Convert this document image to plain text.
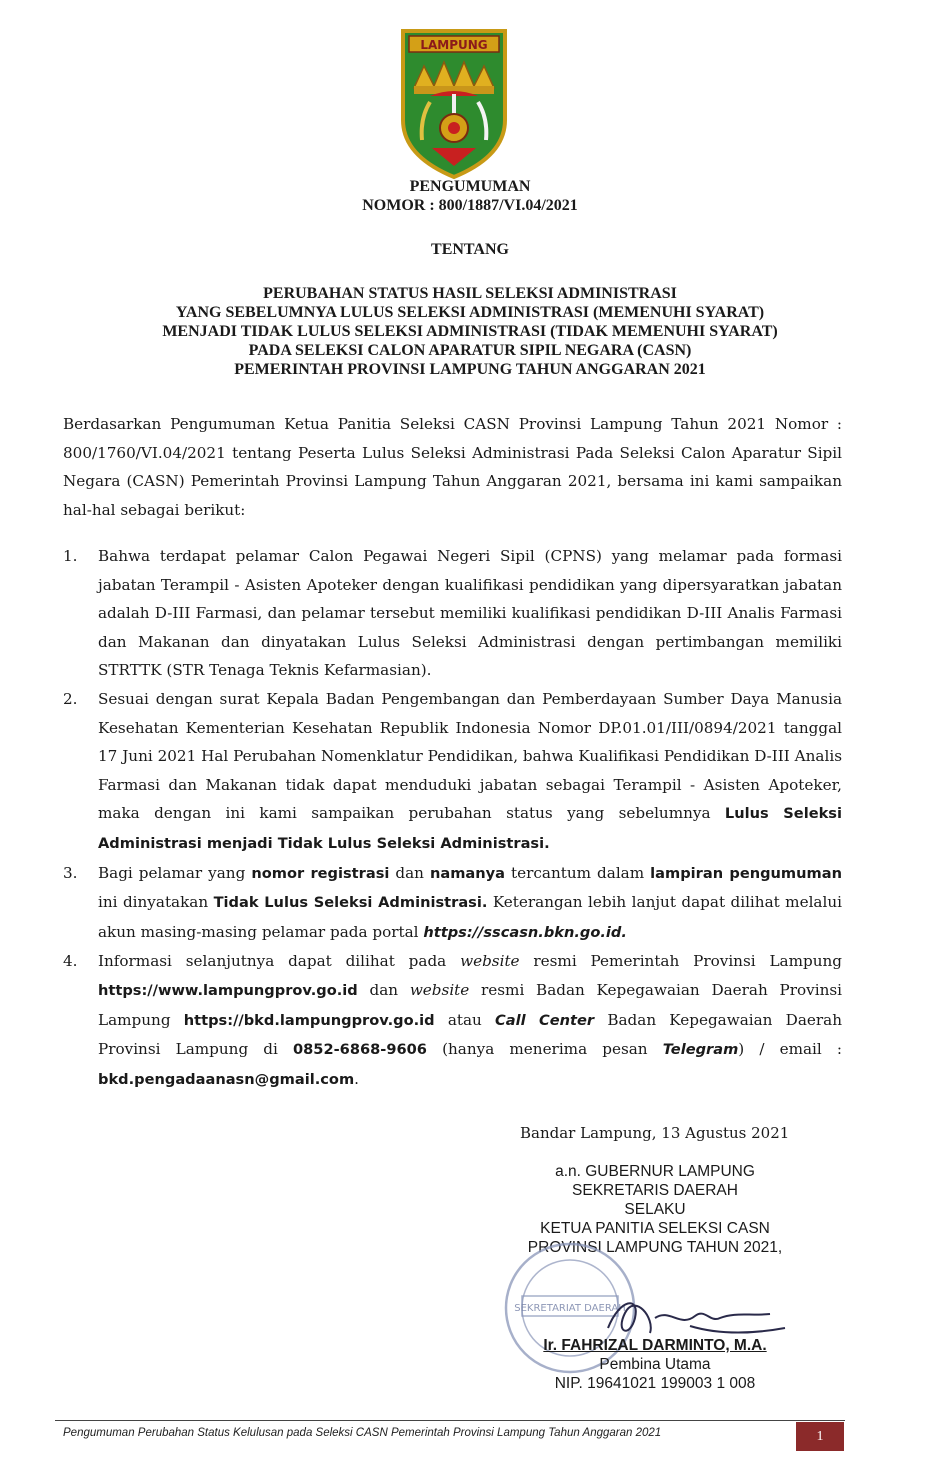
LAMPUNG
PENGUMUMAN
NOMOR : 800/1887/VI.04/2021
TENTANG
PERUBAHAN STATUS HASIL SELEKSI ADMINISTRASI
YANG SEBELUMNYA LULUS SELEKSI ADMINISTRASI (MEMENUHI SYARAT)
MENJADI TIDAK LULUS SELEKSI ADMINISTRASI (TIDAK MEMENUHI SYARAT)
PADA SELEKSI CALON APARATUR SIPIL NEGARA (CASN)
PEMERINTAH PROVINSI LAMPUNG TAHUN ANGGARAN 2021
Berdasarkan Pengumuman Ketua Panitia Seleksi CASN Provinsi Lampung Tahun 2021 Nomor : 800/1760/VI.04/2021 tentang Peserta Lulus Seleksi Administrasi Pada Seleksi Calon Aparatur Sipil Negara (CASN) Pemerintah Provinsi Lampung Tahun Anggaran 2021, bersama ini kami sampaikan hal-hal sebagai berikut:
1.	Bahwa terdapat pelamar Calon Pegawai Negeri Sipil (CPNS) yang melamar pada formasi jabatan Terampil - Asisten Apoteker dengan kualifikasi pendidikan yang dipersyaratkan jabatan adalah D-III Farmasi, dan pelamar tersebut memiliki kualifikasi pendidikan D-III Analis Farmasi dan Makanan dan dinyatakan Lulus Seleksi Administrasi dengan pertimbangan memiliki STRTTK (STR Tenaga Teknis Kefarmasian).
2.	Sesuai dengan surat Kepala Badan Pengembangan dan Pemberdayaan Sumber Daya Manusia Kesehatan Kementerian Kesehatan Republik Indonesia Nomor DP.01.01/III/0894/2021 tanggal 17 Juni 2021 Hal Perubahan Nomenklatur Pendidikan, bahwa Kualifikasi Pendidikan D-III Analis Farmasi dan Makanan tidak dapat menduduki jabatan sebagai Terampil - Asisten Apoteker, maka dengan ini kami sampaikan perubahan status yang sebelumnya Lulus Seleksi Administrasi menjadi Tidak Lulus Seleksi Administrasi.
3.	Bagi pelamar yang nomor registrasi dan namanya tercantum dalam lampiran pengumuman ini dinyatakan Tidak Lulus Seleksi Administrasi. Keterangan lebih lanjut dapat dilihat melalui akun masing-masing pelamar pada portal https://sscasn.bkn.go.id.
4.	Informasi selanjutnya dapat dilihat pada website resmi Pemerintah Provinsi Lampung https://www.lampungprov.go.id dan website resmi Badan Kepegawaian Daerah Provinsi Lampung https://bkd.lampungprov.go.id atau Call Center Badan Kepegawaian Daerah Provinsi Lampung di 0852-6868-9606 (hanya menerima pesan Telegram) / email : bkd.pengadaanasn@gmail.com.
Bandar Lampung, 13 Agustus 2021
a.n. GUBERNUR LAMPUNG
SEKRETARIS DAERAH
SELAKU
KETUA PANITIA SELEKSI CASN
PROVINSI LAMPUNG TAHUN 2021,
SEKRETARIAT DAERAH
Ir. FAHRIZAL DARMINTO, M.A.
Pembina Utama
NIP. 19641021 199003 1 008
Pengumuman Perubahan Status Kelulusan pada Seleksi CASN Pemerintah Provinsi Lampung Tahun Anggaran 2021	1
